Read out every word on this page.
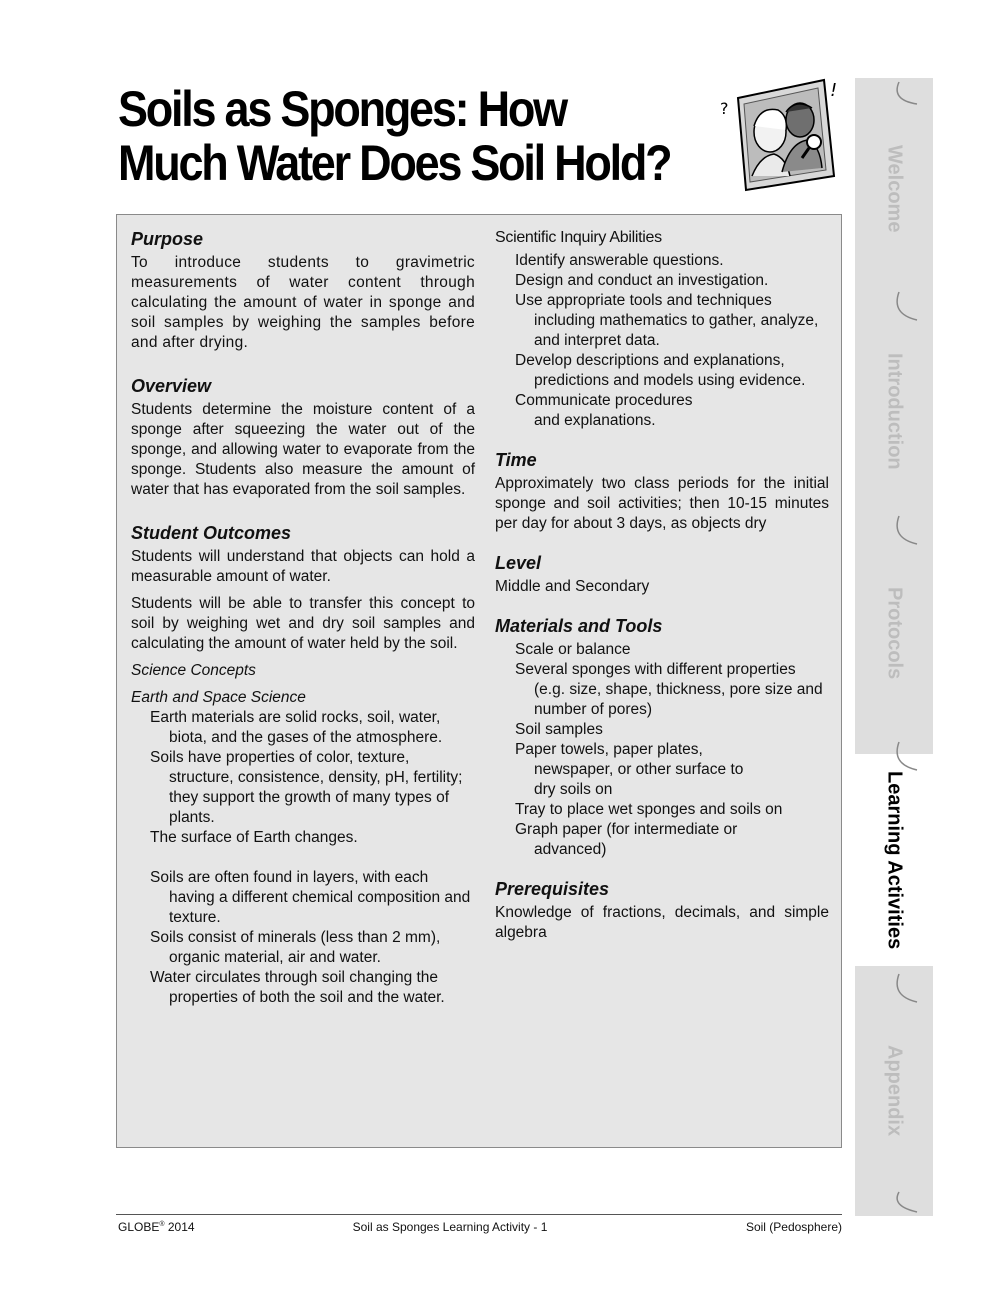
Soils as Sponges: How
Much Water Does Soil Hold?
?
!
Purpose

To introduce students to gravimetric measurements of water content through calculating the amount of water in sponge and soil samples by weighing the samples before and after drying.

Overview

Students determine the moisture content of a sponge after squeezing the water out of the sponge, and allowing water to evaporate from the sponge. Students also measure the amount of water that has evaporated from the soil samples.

Student Outcomes

Students will understand that objects can hold a measurable amount of water.

Students will be able to transfer this concept to soil by weighing wet and dry soil samples and calculating the amount of water held by the soil.

Science Concepts

Earth and Space Science

Earth materials are solid rocks, soil, water, biota, and the gases of the atmosphere.

Soils have properties of color, texture, structure, consistence, density, pH, fertility; they support the growth of many types of plants.

The surface of Earth changes.

Soils are often found in layers, with each having a different chemical composition and texture.

Soils consist of minerals (less than 2 mm), organic material, air and water.

Water circulates through soil changing the properties of both the soil and the water.

Scientific Inquiry Abilities

Identify answerable questions.

Design and conduct an investigation.

Use appropriate tools and techniques including mathematics to gather, analyze, and interpret data.

Develop descriptions and explanations, predictions and models using evidence.

Communicate procedures and explanations.

Time

Approximately two class periods for the initial sponge and soil activities; then 10-15 minutes per day for about 3 days, as objects dry

Level

Middle and Secondary

Materials and Tools

Scale or balance

Several sponges with different properties (e.g. size, shape, thickness, pore size and number of pores)

Soil samples

Paper towels, paper plates, newspaper, or other surface to dry soils on

Tray to place wet sponges and soils on

Graph paper (for intermediate or advanced)

Prerequisites

Knowledge of fractions, decimals, and simple algebra

Welcome
Introduction
Protocols
Learning Activities
Appendix
GLOBE® 2014	Soil as Sponges Learning Activity - 1	Soil (Pedosphere)
